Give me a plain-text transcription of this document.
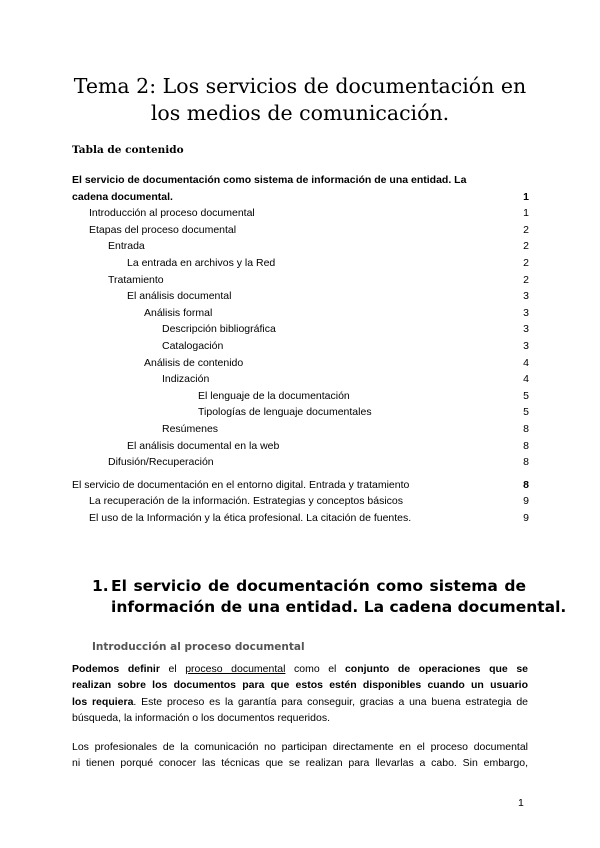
Tema 2: Los servicios de documentación en
los medios de comunicación.
Tabla de contenido
El servicio de documentación como sistema de información de una entidad. La cadena documental.	1
Introducción al proceso documental	1
Etapas del proceso documental	2
Entrada	2
La entrada en archivos y la Red	2
Tratamiento	2
El análisis documental	3
Análisis formal	3
Descripción bibliográfica	3
Catalogación	3
Análisis de contenido	4
Indización	4
El lenguaje de la documentación	5
Tipologías de lenguaje documentales	5
Resúmenes	8
El análisis documental en la web	8
Difusión/Recuperación	8
El servicio de documentación en el entorno digital. Entrada y tratamiento	8
La recuperación de la información. Estrategias y conceptos básicos	9
El uso de la Información y la ética profesional. La citación de fuentes.	9
1. El servicio de documentación como sistema de
información de una entidad. La cadena documental.
Introducción al proceso documental
Podemos definir el proceso documental como el conjunto de operaciones que se
realizan sobre los documentos para que estos estén disponibles cuando un usuario
los requiera. Este proceso es la garantía para conseguir, gracias a una buena estrategia de
búsqueda, la información o los documentos requeridos.
Los profesionales de la comunicación no participan directamente en el proceso documental
ni tienen porqué conocer las técnicas que se realizan para llevarlas a cabo. Sin embargo,
1
